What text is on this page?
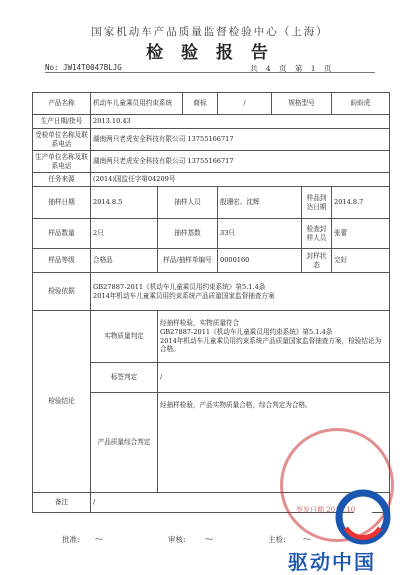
国家机动车产品质量监督检验中心（上海）
检 验 报 告
No: JW14T0047BLJG	共 4 页 第 1 页
产品名称	机动车儿童乘员用约束系统		商标	/	规格型号		盼盼虎
生产日期/批号	2013.10.43						
受检单位名称及联系电话	湖南两只老虎安全科技有限公司 13755166717						
生产单位名称及联系电话	湖南两只老虎安全科技有限公司 13755166717						
任务来源	(2014)国监任字第04209号						
抽样日期	2014.8.5	抽样人员		殷珊宏、沈辉		样品到达日期	2014.8.7
样品数量	2只	抽样基数		33只		检查封样人员	张蕾
样品等级	合格品	样品/抽样单编号		0000160		封样状态	完好
检验依据	GB27887-2011《机动车儿童乘员用约束系统》第5.1.4条
2014年机动车儿童乘员用约束系统产品质量国家监督抽查方案						
检验结论	实物质量判定	经抽样检验，实物质量符合
GB27887-2011《机动车儿童乘员用约束系统》第5.1.4条
2014年机动车儿童乘员用约束系统产品质量国家监督抽查方案，检验结论为合格。					
	标签判定	/					
	产品质量综合判定	经抽样检验，产品实物质量合格，综合判定为合格。					
备注	/						
签发日期 2014.10
批准: ~	审核: ~	主检: ~
驱动中国
